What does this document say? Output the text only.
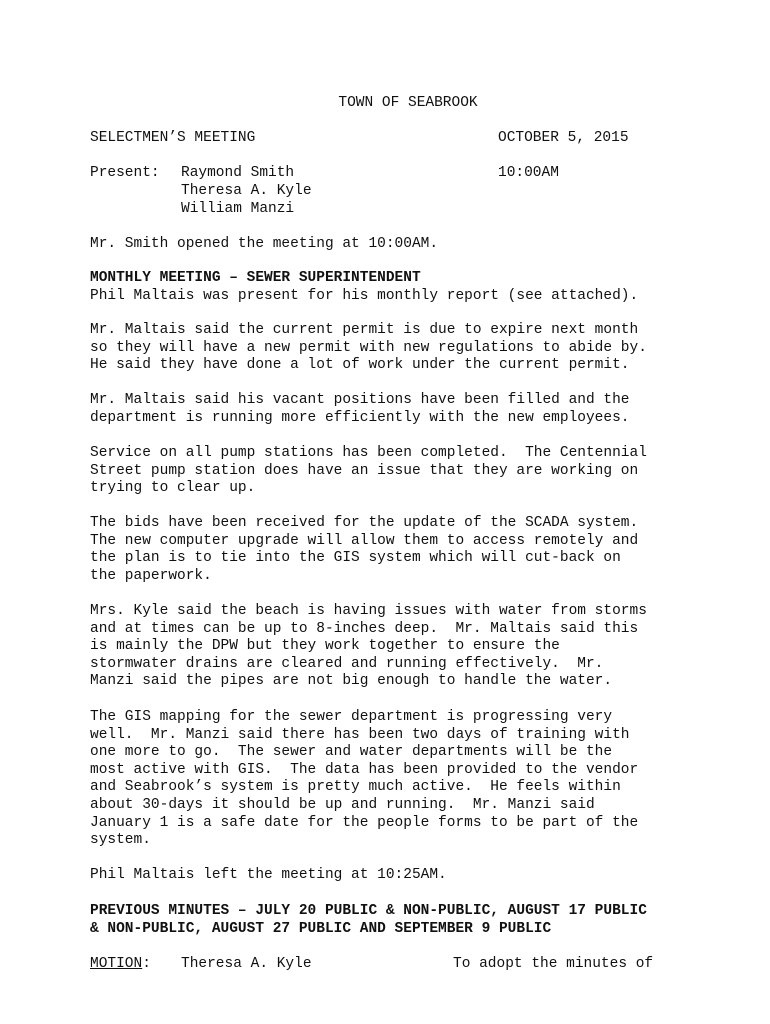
TOWN OF SEABROOK
SELECTMEN’S MEETING	OCTOBER 5, 2015
Present: Raymond Smith	10:00AM
Theresa A. Kyle
William Manzi
Mr. Smith opened the meeting at 10:00AM.
MONTHLY MEETING – SEWER SUPERINTENDENT
Phil Maltais was present for his monthly report (see attached).
Mr. Maltais said the current permit is due to expire next month
so they will have a new permit with new regulations to abide by.
He said they have done a lot of work under the current permit.
Mr. Maltais said his vacant positions have been filled and the
department is running more efficiently with the new employees.
Service on all pump stations has been completed.  The Centennial
Street pump station does have an issue that they are working on
trying to clear up.
The bids have been received for the update of the SCADA system.
The new computer upgrade will allow them to access remotely and
the plan is to tie into the GIS system which will cut-back on
the paperwork.
Mrs. Kyle said the beach is having issues with water from storms
and at times can be up to 8-inches deep.  Mr. Maltais said this
is mainly the DPW but they work together to ensure the
stormwater drains are cleared and running effectively.  Mr.
Manzi said the pipes are not big enough to handle the water.
The GIS mapping for the sewer department is progressing very
well.  Mr. Manzi said there has been two days of training with
one more to go.  The sewer and water departments will be the
most active with GIS.  The data has been provided to the vendor
and Seabrook’s system is pretty much active.  He feels within
about 30-days it should be up and running.  Mr. Manzi said
January 1 is a safe date for the people forms to be part of the
system.
Phil Maltais left the meeting at 10:25AM.
PREVIOUS MINUTES – JULY 20 PUBLIC & NON-PUBLIC, AUGUST 17 PUBLIC
& NON-PUBLIC, AUGUST 27 PUBLIC AND SEPTEMBER 9 PUBLIC
MOTION: Theresa A. Kyle	To adopt the minutes of
